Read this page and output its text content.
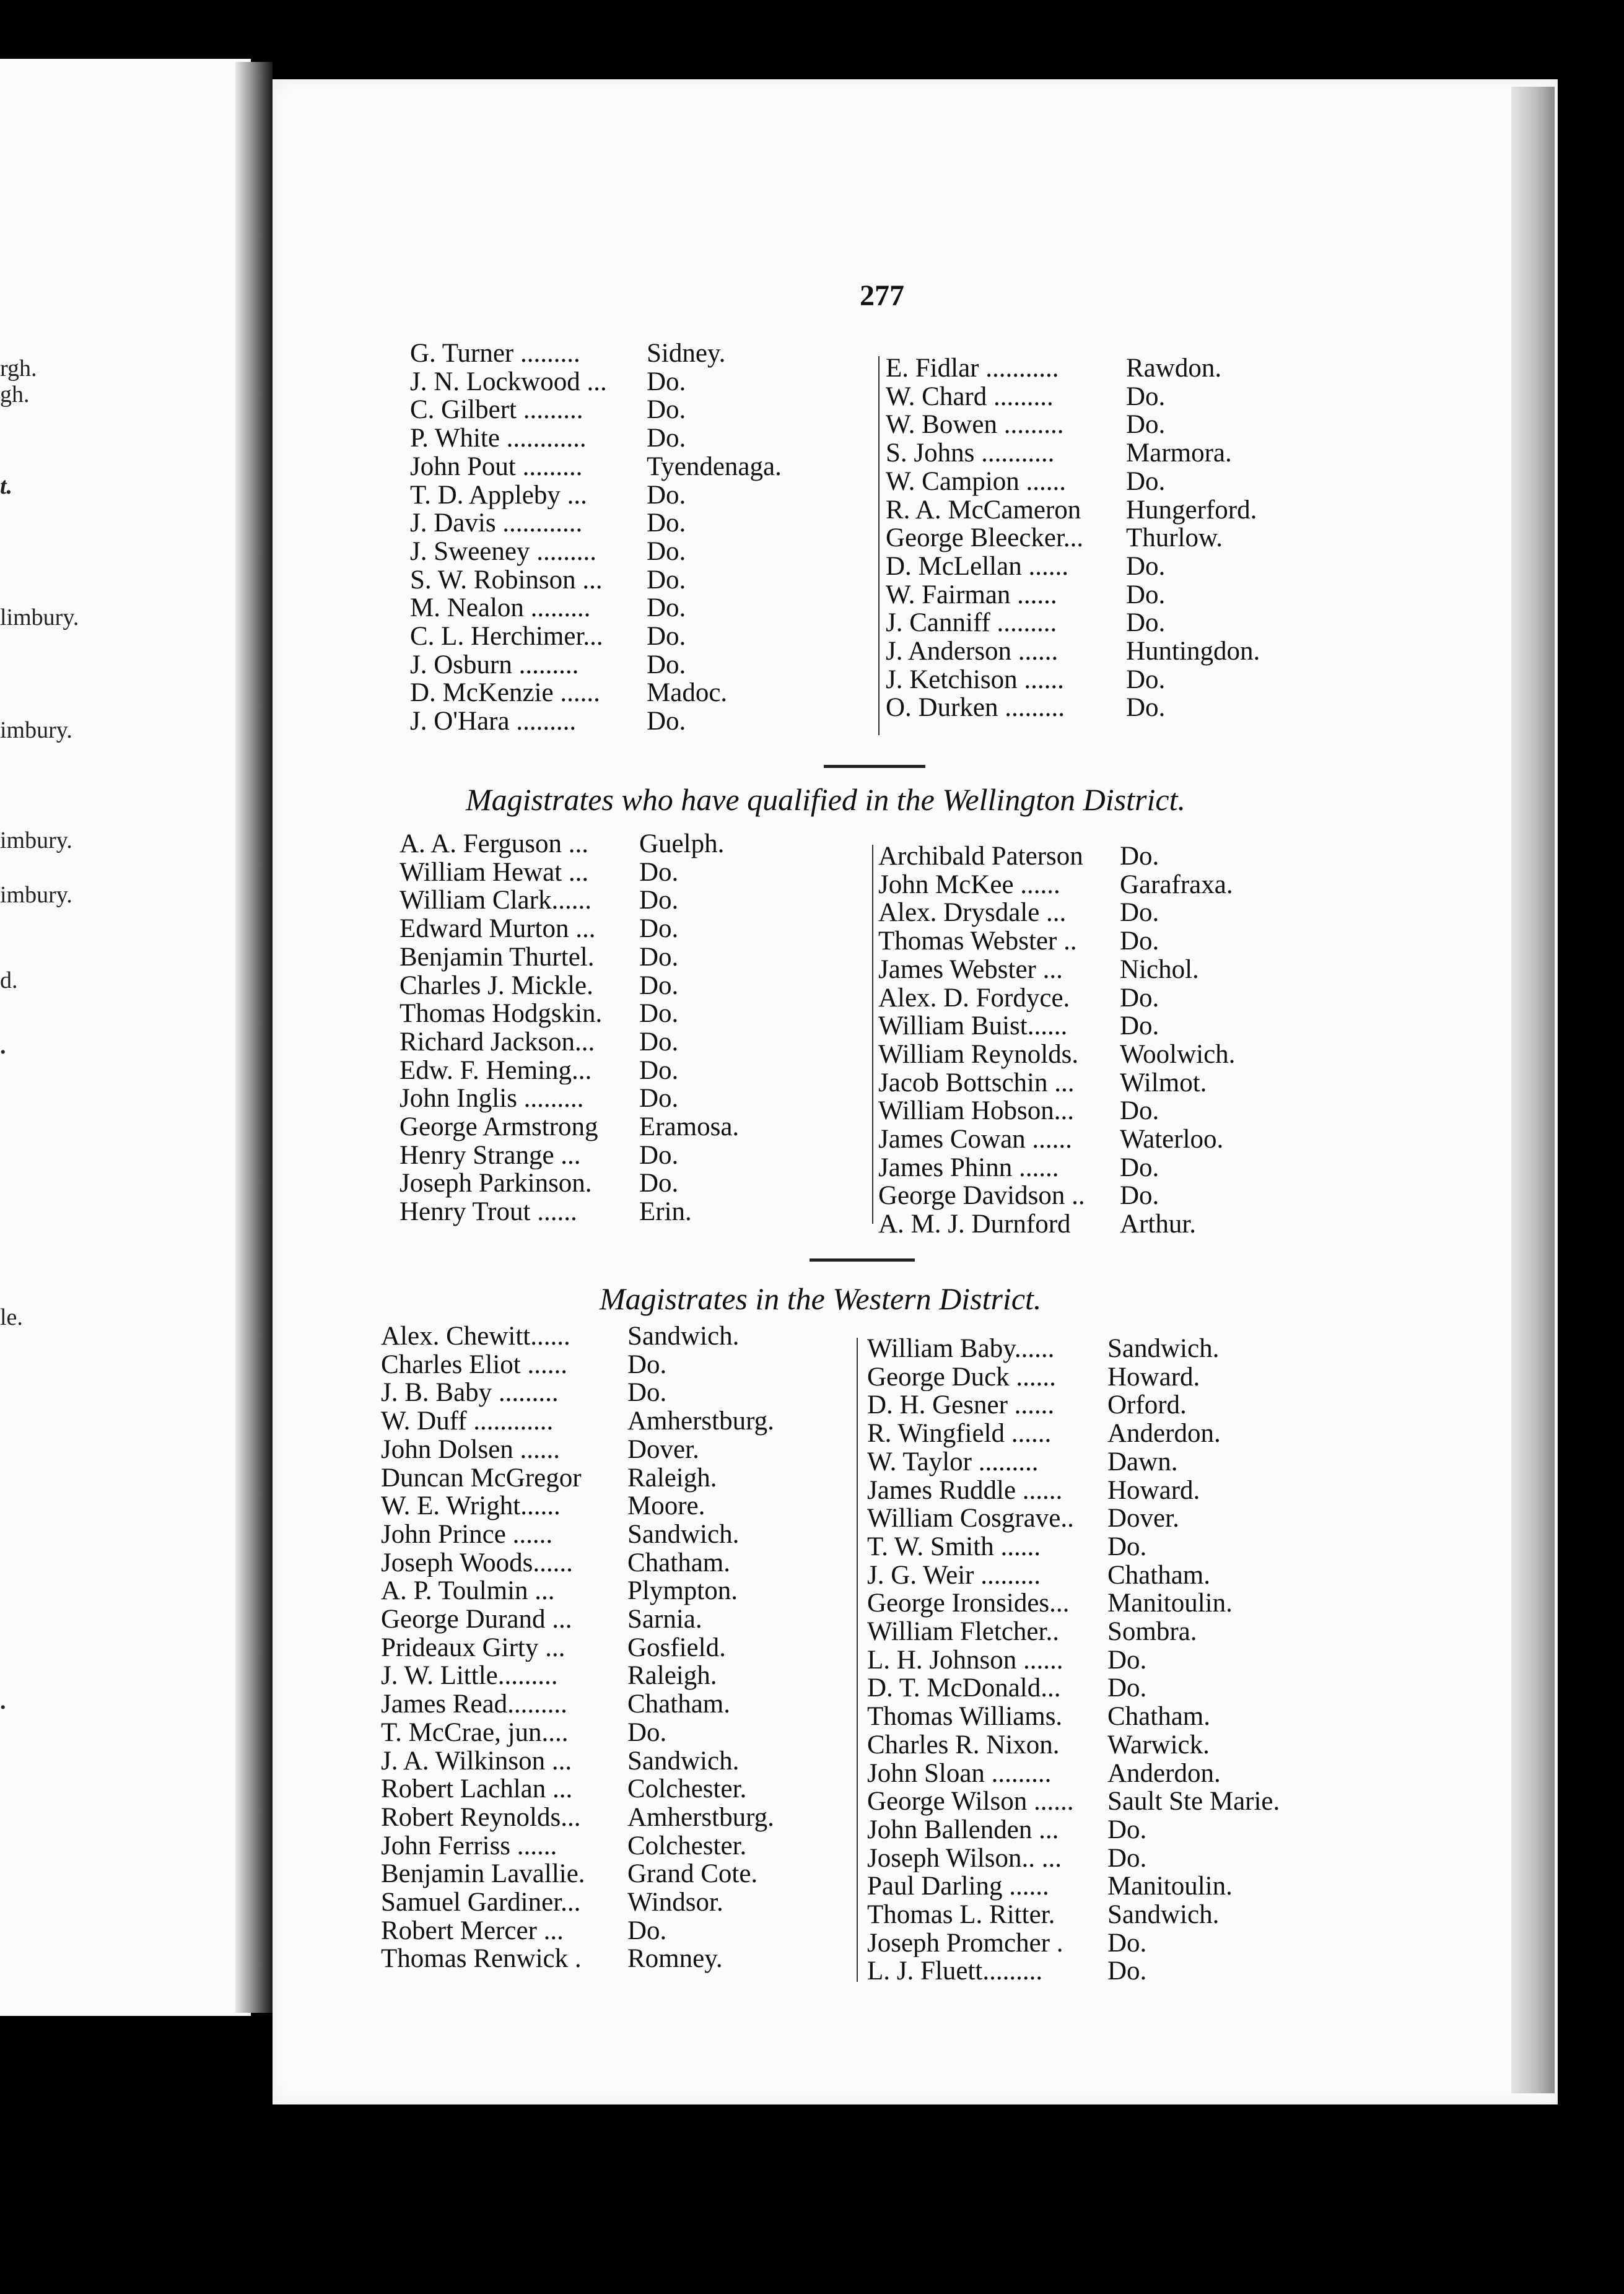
rgh.
gh.
t.
limbury.
imbury.
imbury.
imbury.
d.
.
le.
.
277
G. Turner .........	Sidney.
J. N. Lockwood ...	Do.
C. Gilbert .........	Do.
P. White ............	Do.
John Pout .........	Tyendenaga.
T. D. Appleby ...	Do.
J. Davis ............	Do.
J. Sweeney .........	Do.
S. W. Robinson ...	Do.
M. Nealon .........	Do.
C. L. Herchimer...	Do.
J. Osburn .........	Do.
D. McKenzie ......	Madoc.
J. O'Hara .........	Do.
E. Fidlar ...........	Rawdon.
W. Chard .........	Do.
W. Bowen .........	Do.
S. Johns ...........	Marmora.
W. Campion ......	Do.
R. A. McCameron	Hungerford.
George Bleecker...	Thurlow.
D. McLellan ......	Do.
W. Fairman ......	Do.
J. Canniff .........	Do.
J. Anderson ......	Huntingdon.
J. Ketchison ......	Do.
O. Durken .........	Do.
Magistrates who have qualified in the Wellington District.
A. A. Ferguson ...	Guelph.
William Hewat ...	Do.
William Clark......	Do.
Edward Murton ...	Do.
Benjamin Thurtel.	Do.
Charles J. Mickle.	Do.
Thomas Hodgskin.	Do.
Richard Jackson...	Do.
Edw. F. Heming...	Do.
John Inglis .........	Do.
George Armstrong	Eramosa.
Henry Strange ...	Do.
Joseph Parkinson.	Do.
Henry Trout ......	Erin.
Archibald Paterson	Do.
John McKee ......	Garafraxa.
Alex. Drysdale ...	Do.
Thomas Webster ..	Do.
James Webster ...	Nichol.
Alex. D. Fordyce.	Do.
William Buist......	Do.
William Reynolds.	Woolwich.
Jacob Bottschin ...	Wilmot.
William Hobson...	Do.
James Cowan ......	Waterloo.
James Phinn ......	Do.
George Davidson ..	Do.
A. M. J. Durnford	Arthur.
Magistrates in the Western District.
Alex. Chewitt......	Sandwich.
Charles Eliot ......	Do.
J. B. Baby .........	Do.
W. Duff ............	Amherstburg.
John Dolsen ......	Dover.
Duncan McGregor	Raleigh.
W. E. Wright......	Moore.
John Prince ......	Sandwich.
Joseph Woods......	Chatham.
A. P. Toulmin ...	Plympton.
George Durand ...	Sarnia.
Prideaux Girty ...	Gosfield.
J. W. Little.........	Raleigh.
James Read.........	Chatham.
T. McCrae, jun....	Do.
J. A. Wilkinson ...	Sandwich.
Robert Lachlan ...	Colchester.
Robert Reynolds...	Amherstburg.
John Ferriss ......	Colchester.
Benjamin Lavallie.	Grand Cote.
Samuel Gardiner...	Windsor.
Robert Mercer ...	Do.
Thomas Renwick .	Romney.
William Baby......	Sandwich.
George Duck ......	Howard.
D. H. Gesner ......	Orford.
R. Wingfield ......	Anderdon.
W. Taylor .........	Dawn.
James Ruddle ......	Howard.
William Cosgrave..	Dover.
T. W. Smith ......	Do.
J. G. Weir .........	Chatham.
George Ironsides...	Manitoulin.
William Fletcher..	Sombra.
L. H. Johnson ......	Do.
D. T. McDonald...	Do.
Thomas Williams.	Chatham.
Charles R. Nixon.	Warwick.
John Sloan .........	Anderdon.
George Wilson ......	Sault Ste Marie.
John Ballenden ...	Do.
Joseph Wilson.. ...	Do.
Paul Darling ......	Manitoulin.
Thomas L. Ritter.	Sandwich.
Joseph Promcher .	Do.
L. J. Fluett.........	Do.
